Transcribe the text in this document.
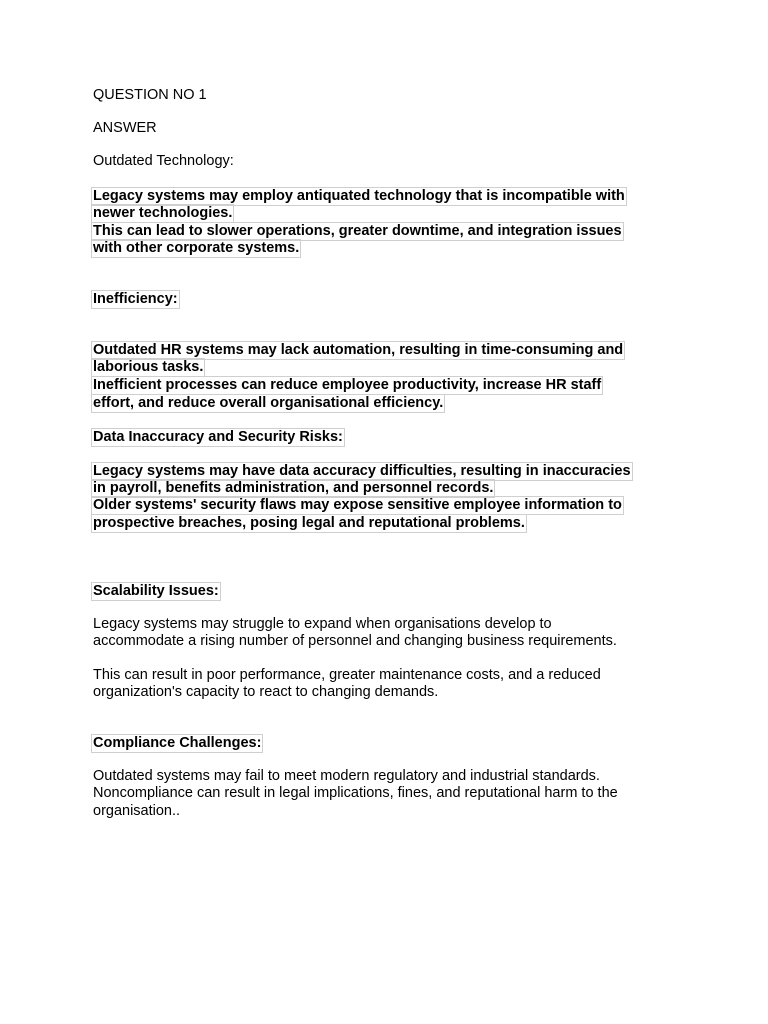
QUESTION NO 1
ANSWER
Outdated Technology:
Legacy systems may employ antiquated technology that is incompatible with
newer technologies.
This can lead to slower operations, greater downtime, and integration issues
with other corporate systems.
Inefficiency:
Outdated HR systems may lack automation, resulting in time-consuming and
laborious tasks.
Inefficient processes can reduce employee productivity, increase HR staff
effort, and reduce overall organisational efficiency.
Data Inaccuracy and Security Risks:
Legacy systems may have data accuracy difficulties, resulting in inaccuracies
in payroll, benefits administration, and personnel records.
Older systems' security flaws may expose sensitive employee information to
prospective breaches, posing legal and reputational problems.
Scalability Issues:
Legacy systems may struggle to expand when organisations develop to
accommodate a rising number of personnel and changing business requirements.
This can result in poor performance, greater maintenance costs, and a reduced
organization's capacity to react to changing demands.
Compliance Challenges:
Outdated systems may fail to meet modern regulatory and industrial standards.
Noncompliance can result in legal implications, fines, and reputational harm to the
organisation..
